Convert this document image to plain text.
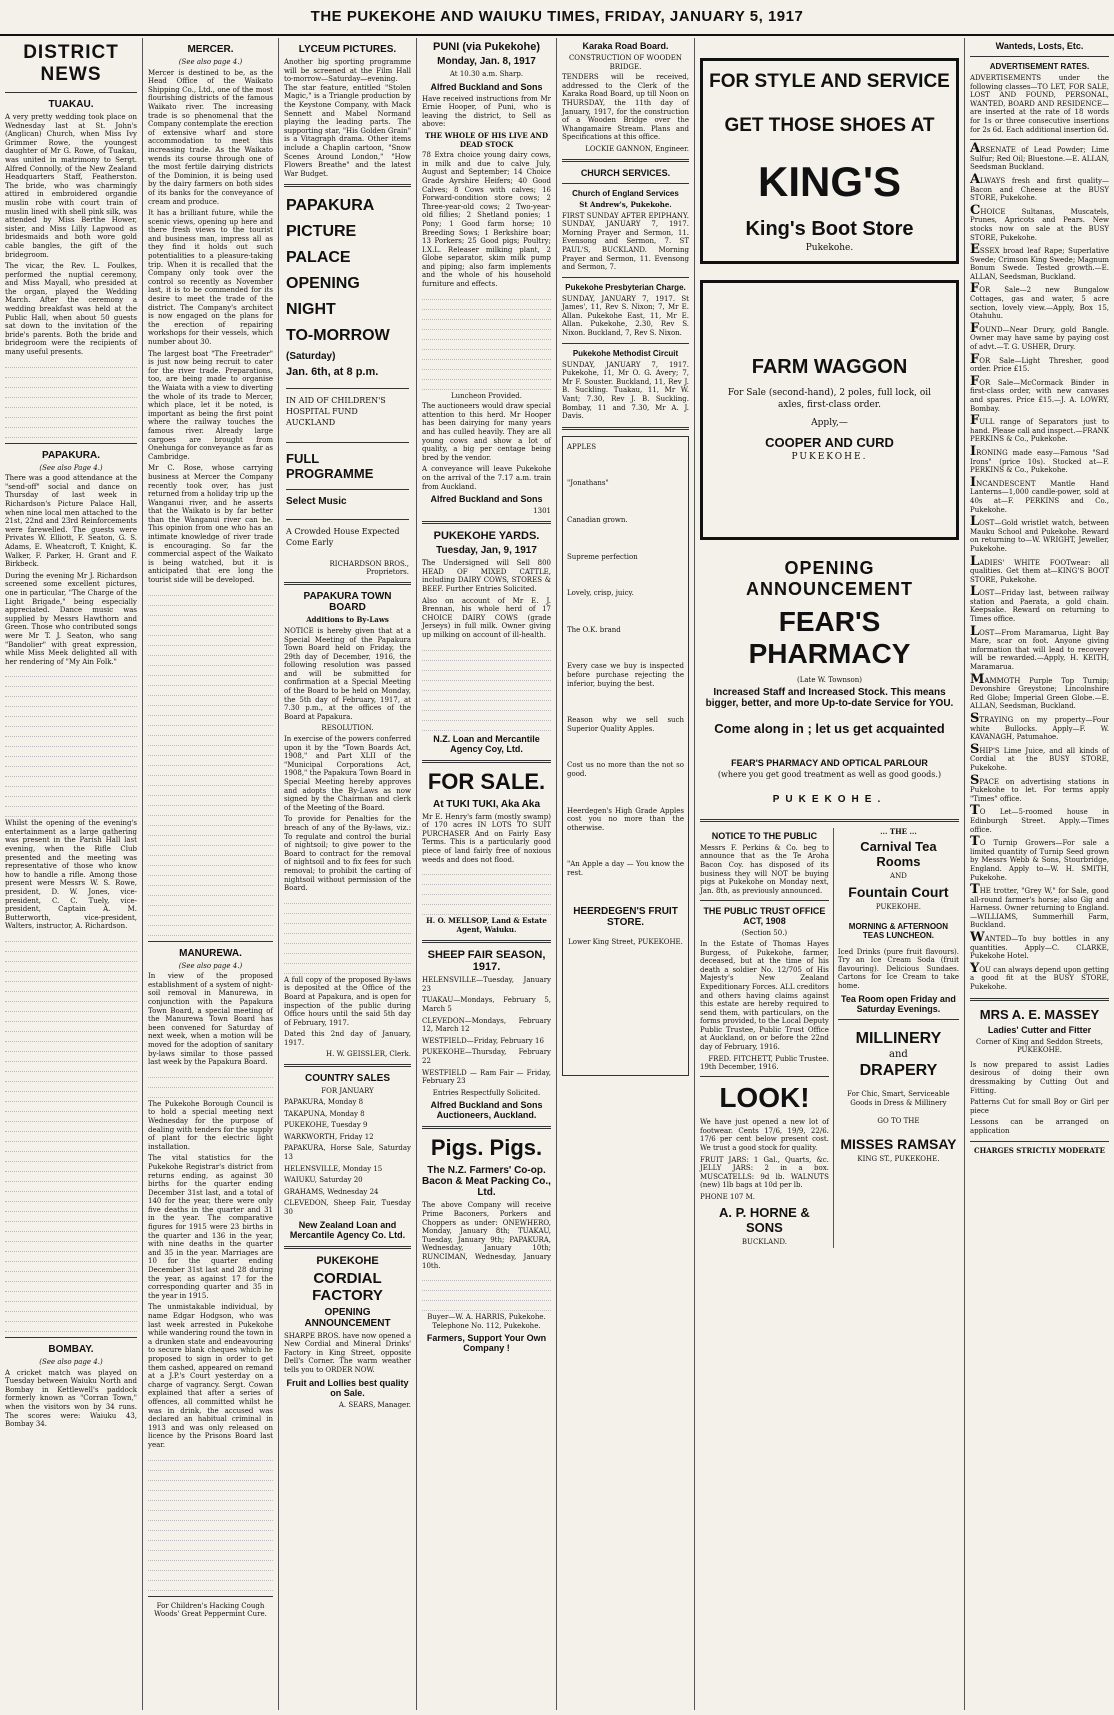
THE PUKEKOHE AND WAIUKU TIMES, FRIDAY, JANUARY 5, 1917
DISTRICT NEWS
TUAKAU.

A very pretty wedding took place on Wednesday last at St. John's (Anglican) Church, when Miss Ivy Grimmer Rowe, the youngest daughter of Mr G. Rowe, of Tuakau, was united in matrimony to Sergt. Alfred Connolly, of the New Zealand Headquarters Staff, Featherston. The bride, who was charmingly attired in embroidered organdie muslin robe with court train of muslin lined with shell pink silk, was attended by Miss Berthe Hower, sister, and Miss Lilly Lapwood as bridesmaids and both wore gold cable bangles, the gift of the bridegroom.

The vicar, the Rev. L. Foulkes, performed the nuptial ceremony, and Miss Mayall, who presided at the organ, played the Wedding March. After the ceremony a wedding breakfast was held at the Public Hall, when about 50 guests sat down to the invitation of the bride's parents. Both the bride and bridegroom were the recipients of many useful presents.

PAPAKURA.
(See also Page 4.)

There was a good attendance at the "send-off" social and dance on Thursday of last week in Richardson's Picture Palace Hall, when nine local men attached to the 21st, 22nd and 23rd Reinforcements were farewelled. The guests were Privates W. Elliott, F. Seaton, G. S. Adams, E. Wheatcroft, T. Knight, K. Walker, F. Parker, H. Grant and F. Birkbeck.

During the evening Mr J. Richardson screened some excellent pictures, one in particular, "The Charge of the Light Brigade," being especially appreciated. Dance music was supplied by Messrs Hawthorn and Green. Those who contributed songs were Mr T. J. Seaton, who sang "Bandolier" with great expression, while Miss Meek delighted all with her rendering of "My Ain Folk."

Whilst the opening of the evening's entertainment as a large gathering was present in the Parish Hall last evening, when the Rifle Club presented and the meeting was representative of those who know how to handle a rifle. Among those present were Messrs W. S. Rowe, president, D. W. Jones, vice-president, C. C. Tuely, vice-president, Captain A. M. Butterworth, vice-president, Walters, instructor, A. Richardson.

BOMBAY.
(See also page 4.)

A cricket match was played on Tuesday between Waiuku North and Bombay in Kettlewell's paddock formerly known as "Corran Town," when the visitors won by 34 runs. The scores were: Waiuku 43, Bombay 34.

MERCER.
(See also page 4.)

Mercer is destined to be, as the Head Office of the Waikato Shipping Co., Ltd., one of the most flourishing districts of the famous Waikato river. The increasing trade is so phenomenal that the Company contemplate the erection of extensive wharf and store accommodation to meet this increasing trade. As the Waikato wends its course through one of the most fertile dairying districts of the Dominion, it is being used by the dairy farmers on both sides of its banks for the conveyance of cream and produce.

It has a brilliant future, while the scenic views, opening up here and there fresh views to the tourist and business man, impress all as they find it holds out such potentialities to a pleasure-taking trip. When it is recalled that the Company only took over the control so recently as November last, it is to be commended for its desire to meet the trade of the district. The Company's architect is now engaged on the plans for the erection of repairing workshops for their vessels, which number about 30.

The largest boat "The Freetrader" is just now being recruit to cater for the river trade. Preparations, too, are being made to organise the Waiata with a view to diverting the whole of its trade to Mercer, which place, let it be noted, is important as being the first point where the railway touches the famous river. Already large cargoes are brought from Onehunga for conveyance as far as Cambridge.

Mr C. Rose, whose carrying business at Mercer the Company recently took over, has just returned from a holiday trip up the Wanganui river, and he asserts that the Waikato is by far better than the Wanganui river can be. This opinion from one who has an intimate knowledge of river trade is encouraging. So far the commercial aspect of the Waikato is being watched, but it is anticipated that ere long the tourist side will be developed.

MANUREWA.
(See also page 4.)

In view of the proposed establishment of a system of night-soil removal in Manurewa, in conjunction with the Papakura Town Board, a special meeting of the Manurewa Town Board has been convened for Saturday of next week, when a motion will be moved for the adoption of sanitary by-laws similar to those passed last week by the Papakura Board.

The Pukekohe Borough Council is to hold a special meeting next Wednesday for the purpose of dealing with tenders for the supply of plant for the electric light installation.

The vital statistics for the Pukekohe Registrar's district from returns ending, as against 30 births for the quarter ending December 31st last, and a total of 140 for the year, there were only five deaths in the quarter and 31 in the year. The comparative figures for 1915 were 23 births in the quarter and 136 in the year, with nine deaths in the quarter and 35 in the year. Marriages are 10 for the quarter ending December 31st last and 28 during the year, as against 17 for the corresponding quarter and 35 in the year in 1915.

The unmistakable individual, by name Edgar Hodgson, who was last week arrested in Pukekohe while wandering round the town in a drunken state and endeavouring to secure blank cheques which he proposed to sign in order to get them cashed, appeared on remand at a J.P.'s Court yesterday on a charge of vagrancy. Sergt. Cowan explained that after a series of offences, all committed whilst he was in drink, the accused was declared an habitual criminal in 1913 and was only released on licence by the Prisons Board last year.

For Children's Hacking Cough Woods' Great Peppermint Cure.
LYCEUM PICTURES.

Another big sporting programme will be screened at the Film Hall to-morrow—Saturday—evening. The star feature, entitled "Stolen Magic," is a Triangle production by the Keystone Company, with Mack Sennett and Mabel Normand playing the leading parts. The supporting star, "His Golden Grain" is a Vitagraph drama. Other items include a Chaplin cartoon, "Snow Scenes Around London," "How Flowers Breathe" and the latest War Budget.

PAPAKURA
PICTURE
PALACE
OPENING
NIGHT
TO-MORROW
(Saturday)
Jan. 6th, at 8 p.m.
IN AID OF CHILDREN'S HOSPITAL FUND AUCKLAND
FULL PROGRAMME
Select Music
A Crowded House Expected Come Early
RICHARDSON BROS., Proprietors.
PAPAKURA TOWN BOARD
Additions to By-Laws

NOTICE is hereby given that at a Special Meeting of the Papakura Town Board held on Friday, the 29th day of December, 1916, the following resolution was passed and will be submitted for confirmation at a Special Meeting of the Board to be held on Monday, the 5th day of February, 1917, at 7.30 p.m., at the offices of the Board at Papakura.

RESOLUTION.

In exercise of the powers conferred upon it by the "Town Boards Act, 1908," and Part XLII of the "Municipal Corporations Act, 1908," the Papakura Town Board in Special Meeting hereby approves and adopts the By-Laws as now signed by the Chairman and clerk of the Meeting of the Board.

To provide for Penalties for the breach of any of the By-laws, viz.: To regulate and control the burial of nightsoil; to give power to the Board to contract for the removal of nightsoil and to fix fees for such removal; to prohibit the carting of nightsoil without permission of the Board.

A full copy of the proposed By-laws is deposited at the Office of the Board at Papakura, and is open for inspection of the public during Office hours until the said 5th day of February, 1917.

Dated this 2nd day of January, 1917.

H. W. GEISSLER, Clerk.
COUNTRY SALES
FOR JANUARY
PAPAKURA, Monday 8
TAKAPUNA, Monday 8
PUKEKOHE, Tuesday 9
WARKWORTH, Friday 12
PAPAKURA, Horse Sale, Saturday 13
HELENSVILLE, Monday 15
WAIUKU, Saturday 20
GRAHAMS, Wednesday 24
CLEVEDON, Sheep Fair, Tuesday 30
New Zealand Loan and Mercantile Agency Co. Ltd.
PUKEKOHE
CORDIAL FACTORY
OPENING ANNOUNCEMENT

SHARPE BROS. have now opened a New Cordial and Mineral Drinks' Factory in King Street, opposite Dell's Corner. The warm weather tells you to ORDER NOW.

Fruit and Lollies best quality on Sale.
A. SEARS, Manager.
PUNI (via Pukekohe)
Monday, Jan. 8, 1917
At 10.30 a.m. Sharp.
Alfred Buckland and Sons

Have received instructions from Mr Ernie Hooper, of Puni, who is leaving the district, to Sell as above:

THE WHOLE OF HIS LIVE AND DEAD STOCK

78 Extra choice young dairy cows, in milk and due to calve July, August and September; 14 Choice Grade Ayrshire Heifers; 40 Good Calves; 8 Cows with calves; 16 Forward-condition store cows; 2 Three-year-old cows; 2 Two-year-old fillies; 2 Shetland ponies; 1 Pony; 1 Good farm horse; 10 Breeding Sows; 1 Berkshire boar; 13 Porkers; 25 Good pigs; Poultry; I.X.L. Releaser milking plant, 2 Globe separator, skim milk pump and piping; also farm implements and the whole of his household furniture and effects.

Luncheon Provided.

The auctioneers would draw special attention to this herd. Mr Hooper has been dairying for many years and has culled heavily. They are all young cows and show a lot of quality, a big per centage being bred by the vendor.

A conveyance will leave Pukekohe on the arrival of the 7.17 a.m. train from Auckland.

Alfred Buckland and Sons
1301
PUKEKOHE YARDS.
Tuesday, Jan, 9, 1917

The Undersigned will Sell 800 HEAD OF MIXED CATTLE, including DAIRY COWS, STORES & BEEF. Further Entries Solicited.

Also on account of Mr E. J. Brennan, his whole herd of 17 CHOICE DAIRY COWS (grade Jerseys) in full milk. Owner giving up milking on account of ill-health.

N.Z. Loan and Mercantile Agency Coy, Ltd.
FOR SALE.
At TUKI TUKI, Aka Aka

Mr E. Henry's farm (mostly swamp) of 170 acres IN LOTS TO SUIT PURCHASER And on Fairly Easy Terms. This is a particularly good piece of land fairly free of noxious weeds and does not flood.

H. O. MELLSOP, Land & Estate Agent, Waiuku.
SHEEP FAIR SEASON, 1917.
HELENSVILLE—Tuesday, January 23
TUAKAU—Mondays, February 5, March 5
CLEVEDON—Mondays, February 12, March 12
WESTFIELD—Friday, February 16
PUKEKOHE—Thursday, February 22
WESTFIELD — Ram Fair — Friday, February 23
Entries Respectfully Solicited.
Alfred Buckland and Sons Auctioneers, Auckland.
Pigs. Pigs.
The N.Z. Farmers' Co-op. Bacon & Meat Packing Co., Ltd.

The above Company will receive Prime Baconers, Porkers and Choppers as under: ONEWHERO, Monday, January 8th; TUAKAU, Tuesday, January 9th; PAPAKURA, Wednesday, January 10th; RUNCIMAN, Wednesday, January 10th.

Buyer—W. A. HARRIS, Pukekohe. Telephone No. 112, Pukekohe.
Farmers, Support Your Own Company !
Karaka Road Board.
CONSTRUCTION OF WOODEN BRIDGE.

TENDERS will be received, addressed to the Clerk of the Karaka Road Board, up till Noon on THURSDAY, the 11th day of January, 1917, for the construction of a Wooden Bridge over the Whangamaire Stream. Plans and Specifications at this office.

LOCKIE GANNON, Engineer.
CHURCH SERVICES.
Church of England Services
St Andrew's, Pukekohe.

FIRST SUNDAY AFTER EPIPHANY. SUNDAY, JANUARY 7, 1917. Morning Prayer and Sermon, 11. Evensong and Sermon, 7. ST PAUL'S, BUCKLAND. Morning Prayer and Sermon, 11. Evensong and Sermon, 7.

Pukekohe Presbyterian Charge.

SUNDAY, JANUARY 7, 1917. St James', 11, Rev S. Nixon; 7, Mr E. Allan. Pukekohe East, 11, Mr E. Allan. Pukekohe, 2.30, Rev S. Nixon. Buckland, 7, Rev S. Nixon.

Pukekohe Methodist Circuit

SUNDAY, JANUARY 7, 1917. Pukekohe, 11, Mr O. G. Avery; 7, Mr F. Souster. Buckland, 11, Rev J. B. Suckling. Tuakau, 11, Mr W. Vant; 7.30, Rev J. B. Suckling. Bombay, 11 and 7.30, Mr A. J. Davis.

APPLES
"Jonathans"
Canadian grown.
Supreme perfection
Lovely, crisp, juicy.
The O.K. brand
Every case we buy is inspected before purchase rejecting the inferior, buying the best.
Reason why we sell such Superior Quality Apples.
Cost us no more than the not so good.
Heerdegen's High Grade Apples cost you no more than the otherwise.
"An Apple a day — You know the rest.
HEERDEGEN'S FRUIT STORE.
Lower King Street, PUKEKOHE.
FOR STYLE AND SERVICE
GET THOSE SHOES AT
KING'S
King's Boot Store
Pukekohe.
FARM WAGGON
For Sale (second-hand), 2 poles, full lock, oil axles, first-class order.
Apply,—
COOPER AND CURD
PUKEKOHE.
OPENING ANNOUNCEMENT
FEAR'S PHARMACY
(Late W. Townson)
Increased Staff and Increased Stock. This means bigger, better, and more Up-to-date Service for YOU.
Come along in ; let us get acquainted
FEAR'S PHARMACY AND OPTICAL PARLOUR
(where you get good treatment as well as good goods.)
PUKEKOHE.
NOTICE TO THE PUBLIC

Messrs F. Perkins & Co. beg to announce that as the Te Aroha Bacon Coy. has disposed of its business they will NOT be buying pigs at Pukekohe on Monday next, Jan. 8th, as previously announced.

THE PUBLIC TRUST OFFICE ACT, 1908
(Section 50.)

In the Estate of Thomas Hayes Burgess, of Pukekohe, farmer, deceased, but at the time of his death a soldier No. 12/705 of His Majesty's New Zealand Expeditionary Forces. ALL creditors and others having claims against this estate are hereby required to send them, with particulars, on the forms provided, to the Local Deputy Public Trustee, Public Trust Office at Auckland, on or before the 22nd day of February, 1916.

FRED. FITCHETT, Public Trustee.
19th December, 1916.
LOOK!

We have just opened a new lot of footwear. Cents 17/6, 19/9, 22/6. 17/6 per cent below present cost. We trust a good stock for quality.

FRUIT JARS: 1 Gal., Quarts, &c. JELLY JARS: 2 in a box. MUSCATELLS: 9d lb. WALNUTS (new) 1lb bags at 10d per lb.

PHONE 107 M.
A. P. HORNE & SONS
BUCKLAND.
... THE ...
Carnival Tea Rooms
AND
Fountain Court
PUKEKOHE.
MORNING & AFTERNOON TEAS LUNCHEON.

Iced Drinks (pure fruit flavours). Try an Ice Cream Soda (fruit flavouring). Delicious Sundaes. Cartons for Ice Cream to take home.

Tea Room open Friday and Saturday Evenings.
MILLINERY
and
DRAPERY
For Chic, Smart, Serviceable Goods in Dress & Millinery
GO TO THE
MISSES RAMSAY
KING ST., PUKEKOHE.
Wanteds, Losts, Etc.
ADVERTISEMENT RATES.

ADVERTISEMENTS under the following classes—TO LET, FOR SALE, LOST AND FOUND, PERSONAL, WANTED, BOARD AND RESIDENCE—are inserted at the rate of 18 words for 1s or three consecutive insertions for 2s 6d. Each additional insertion 6d.

ARSENATE of Lead Powder; Lime Sulfur; Red Oil; Bluestone.—E. ALLAN, Seedsman Buckland.

ALWAYS fresh and first quality—Bacon and Cheese at the BUSY STORE, Pukekohe.

CHOICE Sultanas, Muscatels, Prunes, Apricots and Pears. New stocks now on sale at the BUSY STORE, Pukekohe.

ESSEX broad leaf Rape; Superlative Swede; Crimson King Swede; Magnum Bonum Swede. Tested growth.—E. ALLAN, Seedsman, Buckland.

FOR Sale—2 new Bungalow Cottages, gas and water, 5 acre section, lovely view.—Apply, Box 15, Otahuhu.

FOUND—Near Drury, gold Bangle. Owner may have same by paying cost of advt.—T. G. USHER, Drury.

FOR Sale—Light Thresher, good order. Price £15.

FOR Sale—McCormack Binder in first-class order, with new canvases and spares. Price £15.—J. A. LOWRY, Bombay.

FULL range of Separators just to hand. Please call and inspect.—FRANK PERKINS & Co., Pukekohe.

IRONING made easy—Famous "Sad Irons" (price 10s). Stocked at—F. PERKINS & Co., Pukekohe.

INCANDESCENT Mantle Hand Lanterns—1,000 candle-power, sold at 40s at—F. PERKINS and Co., Pukekohe.

LOST—Gold wristlet watch, between Mauku School and Pukekohe. Reward on returning to—W. WRIGHT, Jeweller, Pukekohe.

LADIES' WHITE FOOTwear: all qualities. Get them at—KING'S BOOT STORE, Pukekohe.

LOST—Friday last, between railway station and Paerata, a gold chain. Keepsake. Reward on returning to Times office.

LOST—From Maramarua, Light Bay Mare, scar on foot. Anyone giving information that will lead to recovery will be rewarded.—Apply, H. KEITH, Maramarua.

MAMMOTH Purple Top Turnip; Devonshire Greystone; Lincolnshire Red Globe; Imperial Green Globe.—E. ALLAN, Seedsman, Buckland.

STRAYING on my property—Four white Bullocks. Apply—F. W. KAVANAGH, Patumahoe.

SHIP'S Lime Juice, and all kinds of Cordial at the BUSY STORE, Pukekohe.

SPACE on advertising stations in Pukekohe to let. For terms apply "Times" office.

TO Let—5-roomed house in Edinburgh Street. Apply.—Times office.

TO Turnip Growers—For sale a limited quantity of Turnip Seed grown by Messrs Webb & Sons, Stourbridge, England. Apply to—W. H. SMITH, Pukekohe.

THE trotter, "Grey W," for Sale, good all-round farmer's horse; also Gig and Harness. Owner returning to England.—WILLIAMS, Summerhill Farm, Buckland.

WANTED—To buy bottles in any quantities. Apply—C. CLARKE, Pukekohe Hotel.

YOU can always depend upon getting a good fit at the BUSY STORE, Pukekohe.

MRS A. E. MASSEY
Ladies' Cutter and Fitter
Corner of King and Seddon Streets, PUKEKOHE.

Is now prepared to assist Ladies desirous of doing their own dressmaking by Cutting Out and Fitting.

Patterns Cut for small Boy or Girl per piece

Lessons can be arranged on application

CHARGES STRICTLY MODERATE
